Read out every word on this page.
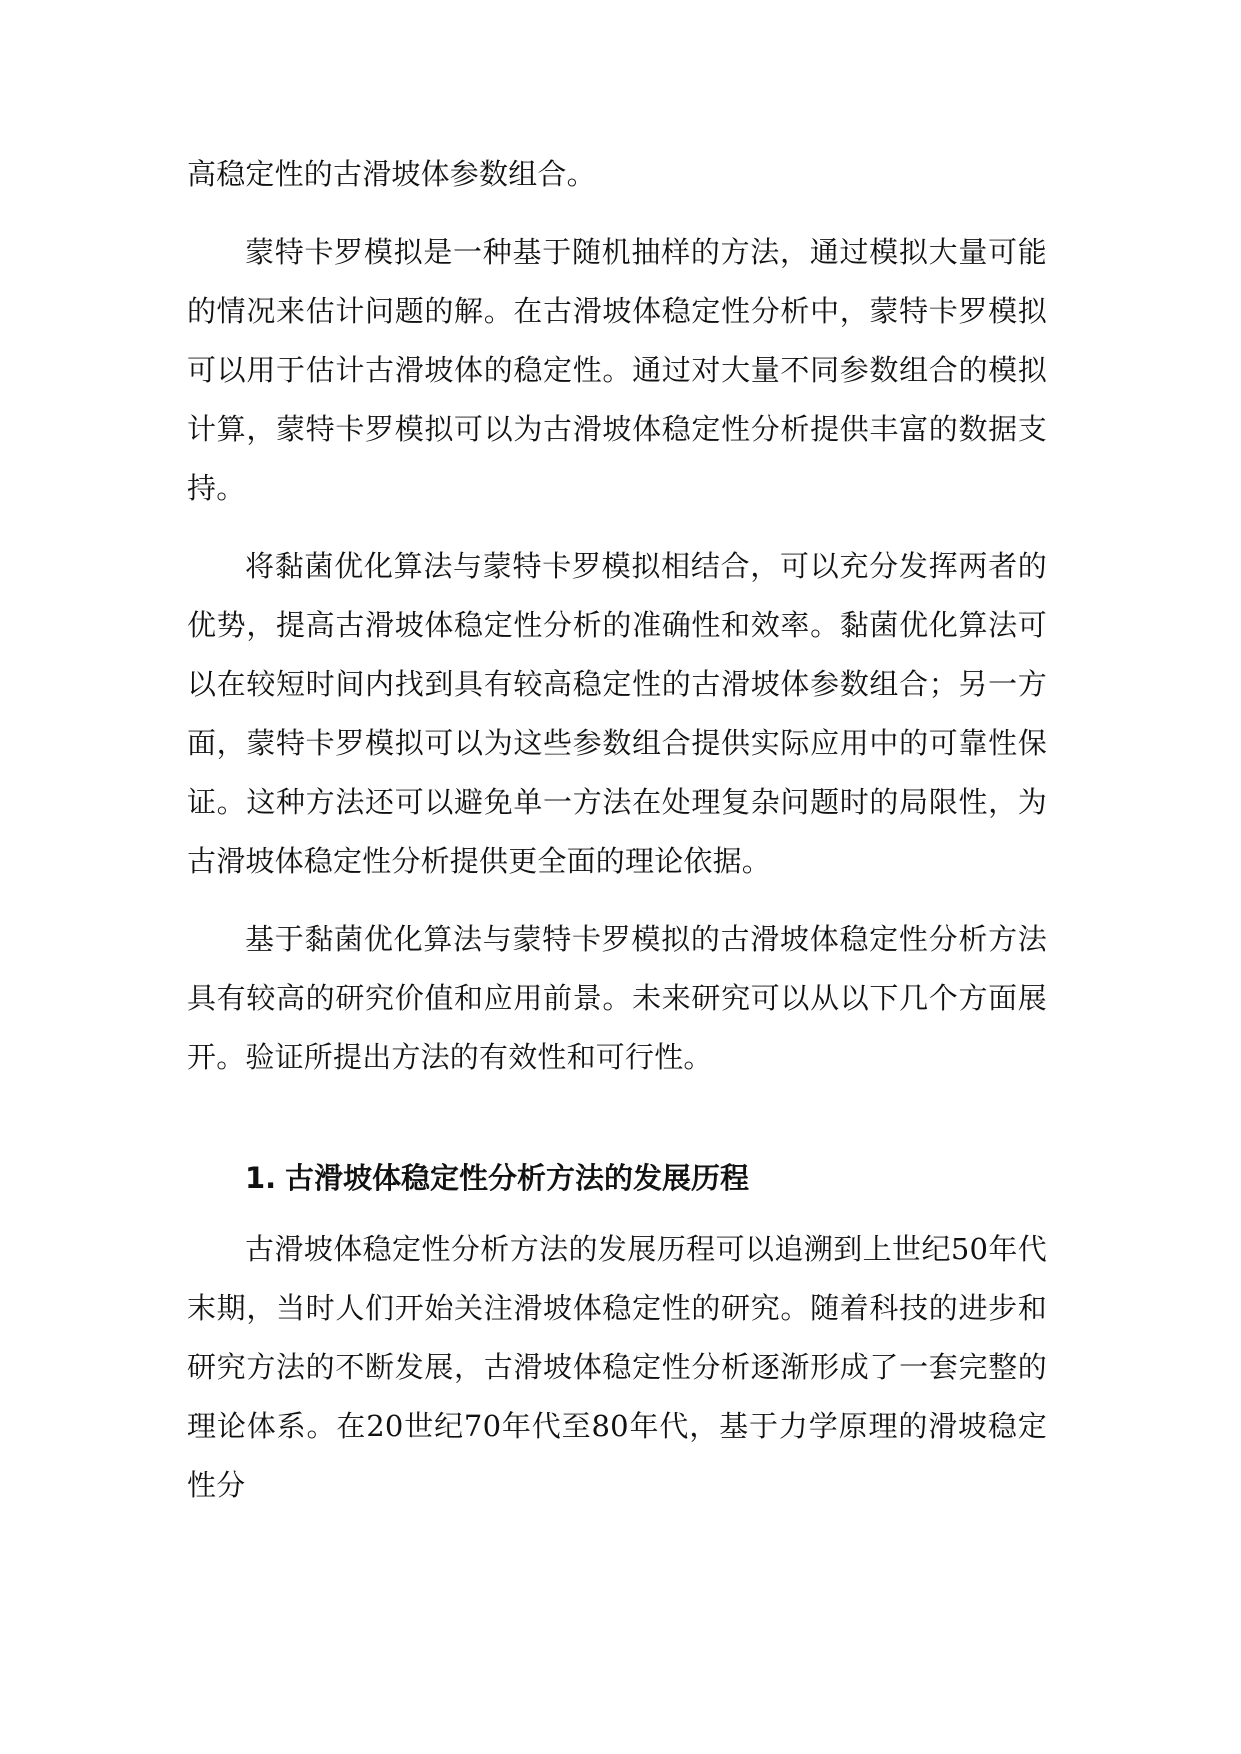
高稳定性的古滑坡体参数组合。

蒙特卡罗模拟是一种基于随机抽样的方法，通过模拟大量可能的情况来估计问题的解。在古滑坡体稳定性分析中，蒙特卡罗模拟可以用于估计古滑坡体的稳定性。通过对大量不同参数组合的模拟计算，蒙特卡罗模拟可以为古滑坡体稳定性分析提供丰富的数据支持。

将黏菌优化算法与蒙特卡罗模拟相结合，可以充分发挥两者的优势，提高古滑坡体稳定性分析的准确性和效率。黏菌优化算法可以在较短时间内找到具有较高稳定性的古滑坡体参数组合；另一方面，蒙特卡罗模拟可以为这些参数组合提供实际应用中的可靠性保证。这种方法还可以避免单一方法在处理复杂问题时的局限性，为古滑坡体稳定性分析提供更全面的理论依据。

基于黏菌优化算法与蒙特卡罗模拟的古滑坡体稳定性分析方法具有较高的研究价值和应用前景。未来研究可以从以下几个方面展开。验证所提出方法的有效性和可行性。

1. 古滑坡体稳定性分析方法的发展历程

古滑坡体稳定性分析方法的发展历程可以追溯到上世纪50年代末期，当时人们开始关注滑坡体稳定性的研究。随着科技的进步和研究方法的不断发展，古滑坡体稳定性分析逐渐形成了一套完整的理论体系。在20世纪70年代至80年代，基于力学原理的滑坡稳定性分
